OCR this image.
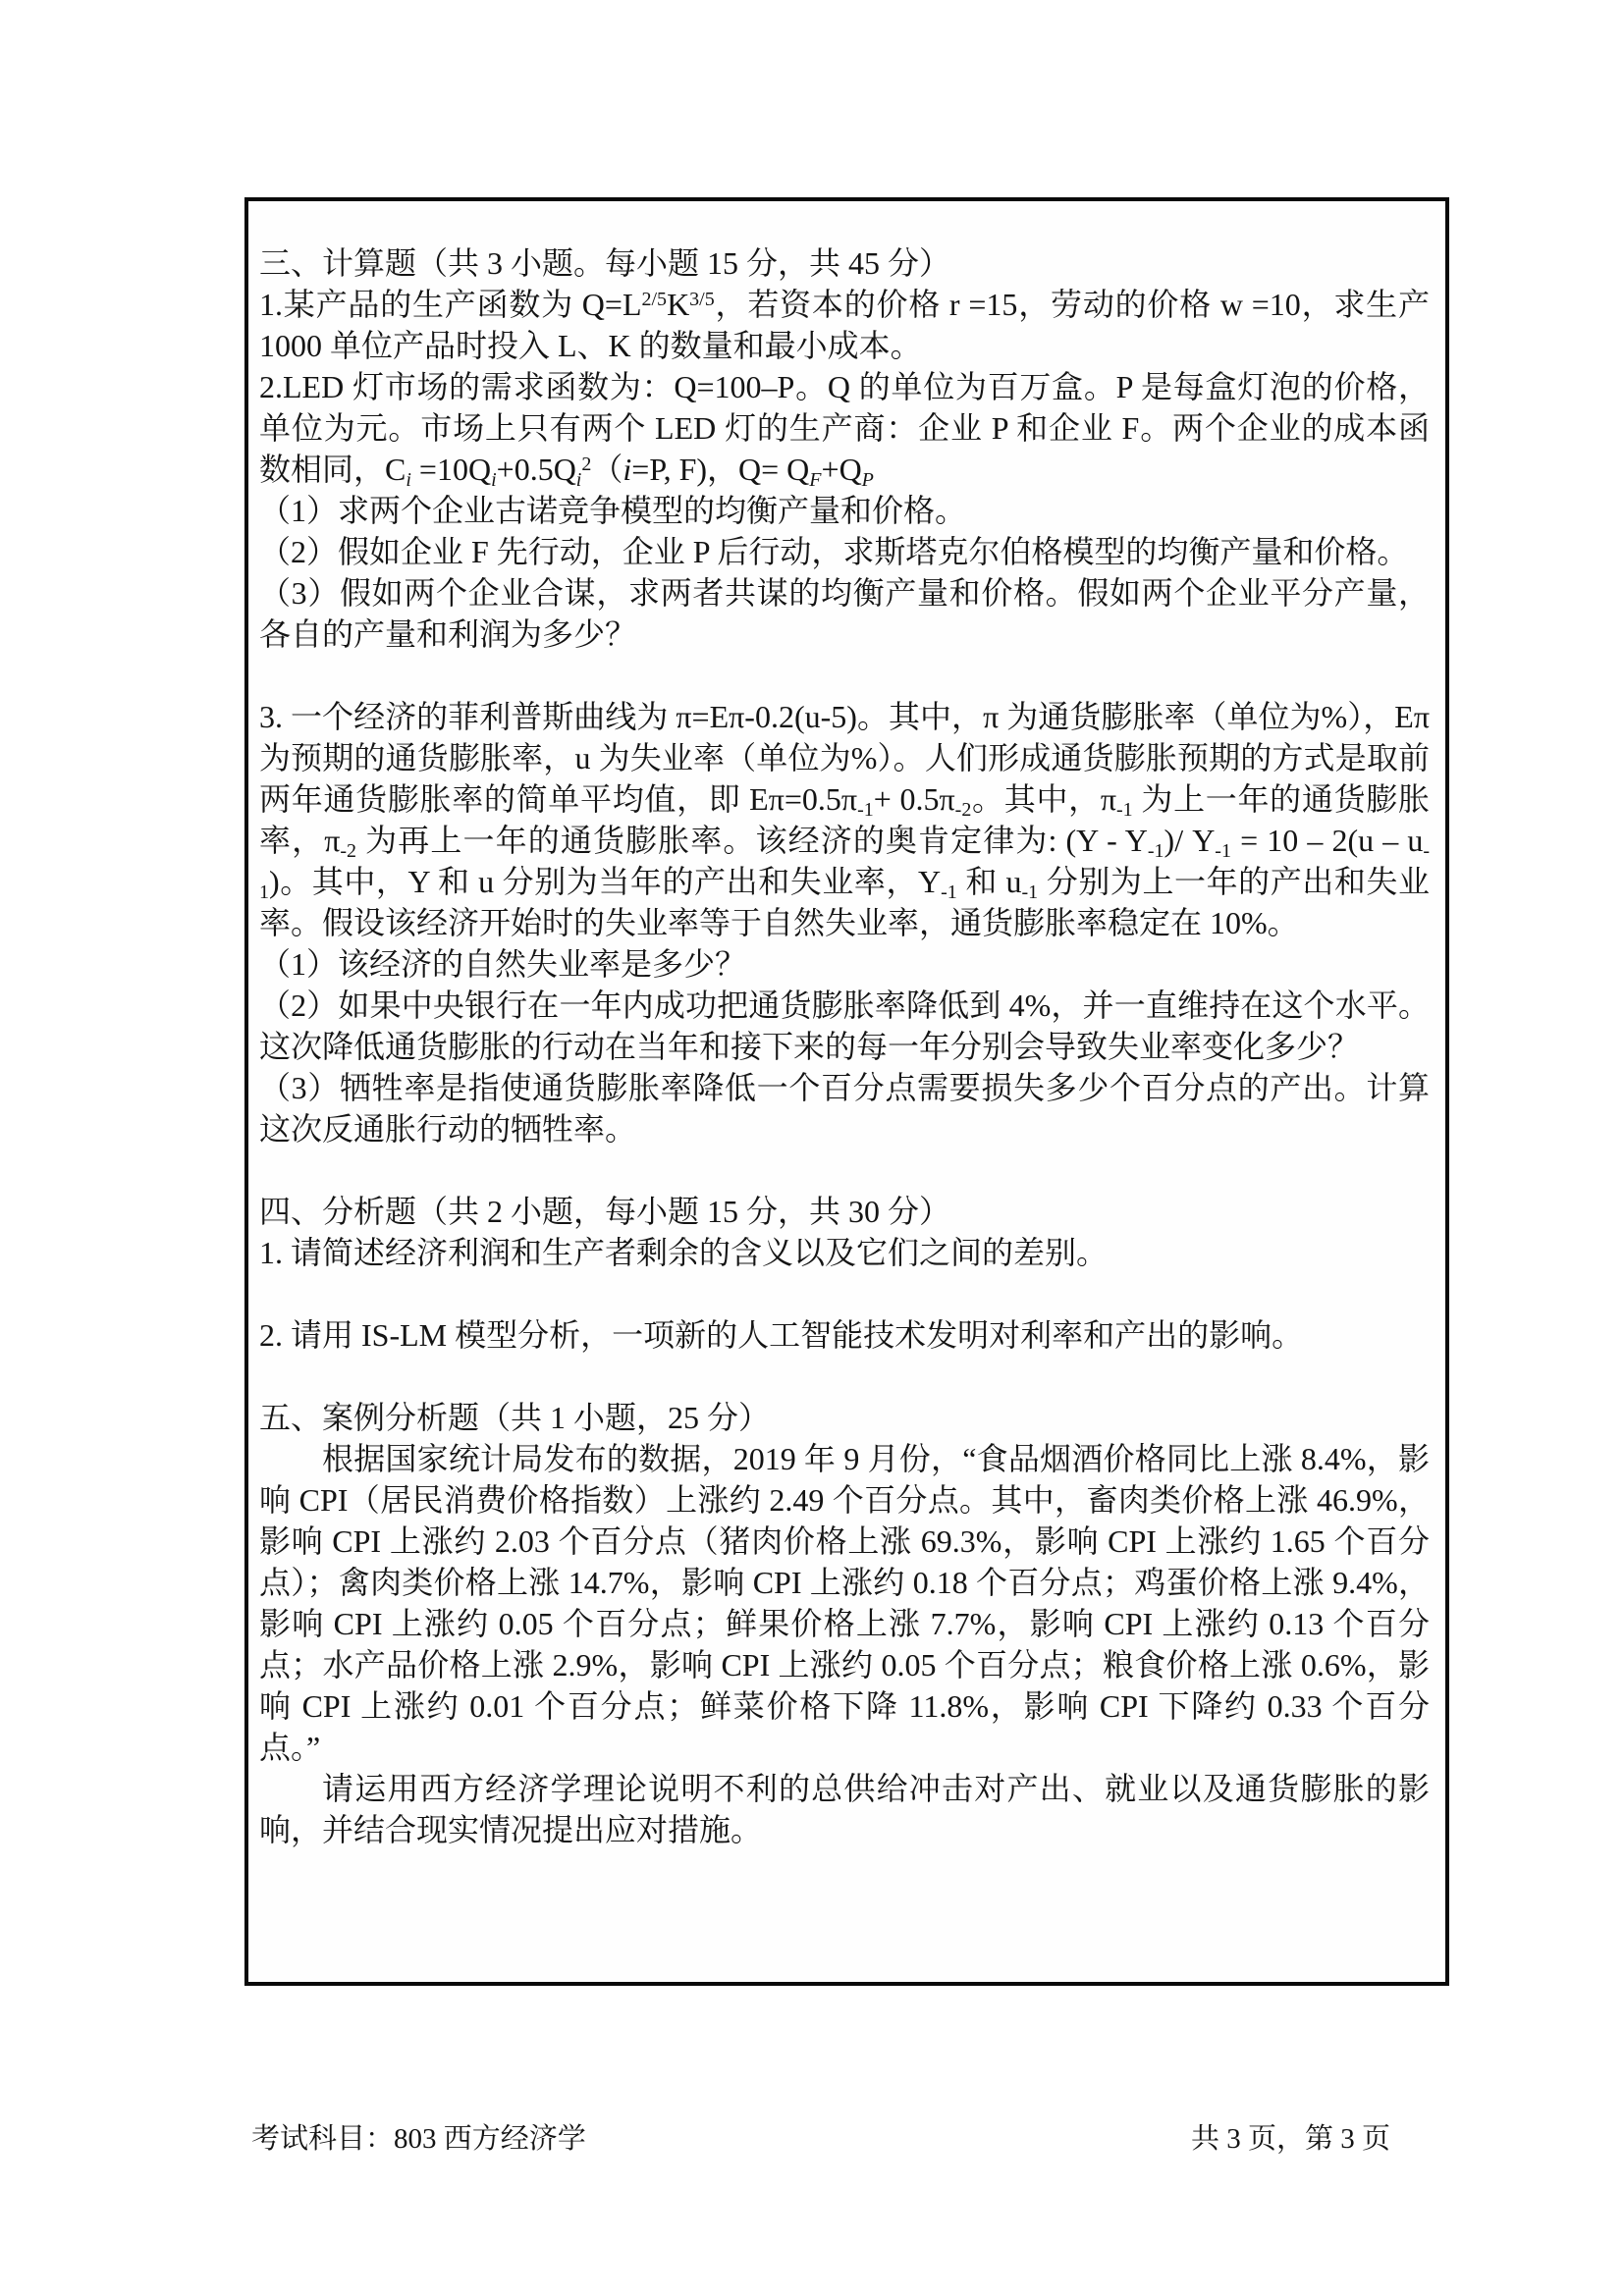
三、计算题（共 3 小题。每小题 15 分，共 45 分）
1.某产品的生产函数为 $Q=L^{2/5}K^{3/5}$，若资本的价格 r =15，劳动的价格 w =10，求生产 1000 单位产品时投入 L、K 的数量和最小成本。
2.LED 灯市场的需求函数为：Q=100–P。Q 的单位为百万盒。P 是每盒灯泡的价格，单位为元。市场上只有两个 LED 灯的生产商：企业 P 和企业 F。两个企业的成本函数相同，$Ci =10Qi+0.5Qi^2(i=P$, F)，Q= QF+QP
（1）求两个企业古诺竞争模型的均衡产量和价格。
（2）假如企业 F 先行动，企业 P 后行动，求斯塔克尔伯格模型的均衡产量和价格。
（3）假如两个企业合谋，求两者共谋的均衡产量和价格。假如两个企业平分产量，各自的产量和利润为多少？
3. 一个经济的菲利普斯曲线为 π=Eπ-0.2(u-5)。其中，π 为通货膨胀率（单位为%），Eπ 为预期的通货膨胀率，u 为失业率（单位为%）。人们形成通货膨胀预期的方式是取前两年通货膨胀率的简单平均值，即 Eπ=0.5π-1+ 0.5π-2。其中，π-1 为上一年的通货膨胀率，π-2 为再上一年的通货膨胀率。该经济的奥肯定律为: (Y - Y-1)/ Y-1 = 10 – 2(u – u-1)。其中，Y 和 u 分别为当年的产出和失业率，Y-1 和 u-1 分别为上一年的产出和失业率。假设该经济开始时的失业率等于自然失业率，通货膨胀率稳定在 10%。
（1）该经济的自然失业率是多少？
（2）如果中央银行在一年内成功把通货膨胀率降低到 4%，并一直维持在这个水平。这次降低通货膨胀的行动在当年和接下来的每一年分别会导致失业率变化多少？
（3）牺牲率是指使通货膨胀率降低一个百分点需要损失多少个百分点的产出。计算这次反通胀行动的牺牲率。
四、分析题（共 2 小题，每小题 15 分，共 30 分）
1. 请简述经济利润和生产者剩余的含义以及它们之间的差别。
2. 请用 IS-LM 模型分析，一项新的人工智能技术发明对利率和产出的影响。
五、案例分析题（共 1 小题，25 分）
根据国家统计局发布的数据，2019 年 9 月份，“食品烟酒价格同比上涨 8.4%，影响 CPI（居民消费价格指数）上涨约 2.49 个百分点。其中，畜肉类价格上涨 46.9%，影响 CPI 上涨约 2.03 个百分点（猪肉价格上涨 69.3%，影响 CPI 上涨约 1.65 个百分点）；禽肉类价格上涨 14.7%，影响 CPI 上涨约 0.18 个百分点；鸡蛋价格上涨 9.4%，影响 CPI 上涨约 0.05 个百分点；鲜果价格上涨 7.7%，影响 CPI 上涨约 0.13 个百分点；水产品价格上涨 2.9%，影响 CPI 上涨约 0.05 个百分点；粮食价格上涨 0.6%，影响 CPI 上涨约 0.01 个百分点；鲜菜价格下降 11.8%，影响 CPI 下降约 0.33 个百分点。”
请运用西方经济学理论说明不利的总供给冲击对产出、就业以及通货膨胀的影响，并结合现实情况提出应对措施。
考试科目：803 西方经济学	共 3 页，第 3 页
